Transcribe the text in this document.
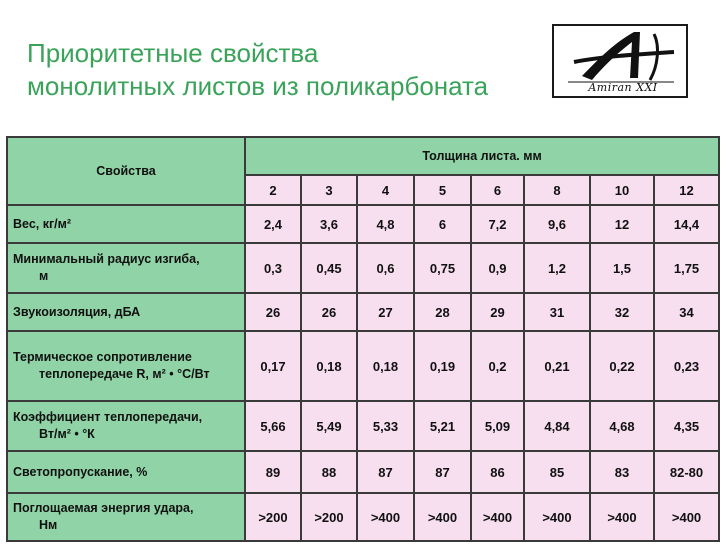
Приоритетные свойства
монолитных листов из поликарбоната	Amiran XXI
Свойства	Толщина листа. мм							
	2	3	4	5	6	8	10	12
Вес, кг/м²	2,4	3,6	4,8	6	7,2	9,6	12	14,4
Минимальный радиус изгиба,
м	0,3	0,45	0,6	0,75	0,9	1,2	1,5	1,75
Звукоизоляция, дБА	26	26	27	28	29	31	32	34
Термическое сопротивление
теплопередаче R, м² • °С/Вт	0,17	0,18	0,18	0,19	0,2	0,21	0,22	0,23
Коэффициент теплопередачи,
Вт/м² • °К	5,66	5,49	5,33	5,21	5,09	4,84	4,68	4,35
Светопропускание, %	89	88	87	87	86	85	83	82-80
Поглощаемая энергия удара,
Нм	>200	>200	>400	>400	>400	>400	>400	>400
